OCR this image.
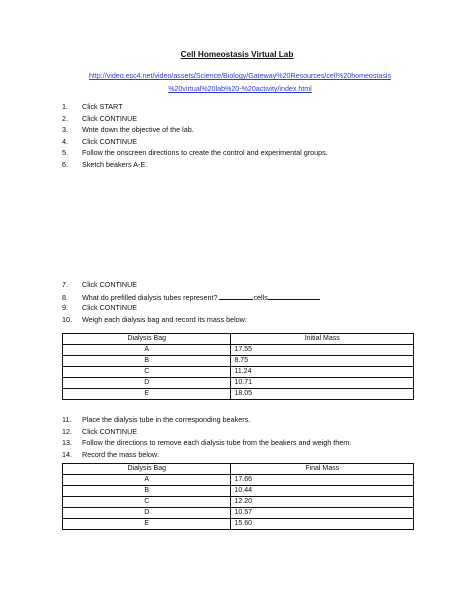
Cell Homeostasis Virtual Lab
http://video.esc4.net/video/assets/Science/Biology/Gateway%20Resources/cell%20homeostasis
%20virtual%20lab%20-%20activity/index.html
1. Click START
2. Click CONTINUE
3. Write down the objective of the lab.
4. Click CONTINUE
5. Follow the onscreen directions to create the control and experimental groups.
6. Sketch beakers A-E.
7. Click CONTINUE
8. What do prefilled dialysis tubes represent?	cells
9. Click CONTINUE
10. Weigh each dialysis bag and record its mass below:
Dialysis Bag	Initial Mass
A	17.55
B	8.75
C	11.24
D	10.71
E	18.05
11. Place the dialysis tube in the corresponding beakers.
12. Click CONTINUE
13. Follow the directions to remove each dialysis tube from the beakers and weigh them.
14. Record the mass below:
Dialysis Bag	Final Mass
A	17.66
B	10.44
C	12.20
D	10.57
E	15.60
